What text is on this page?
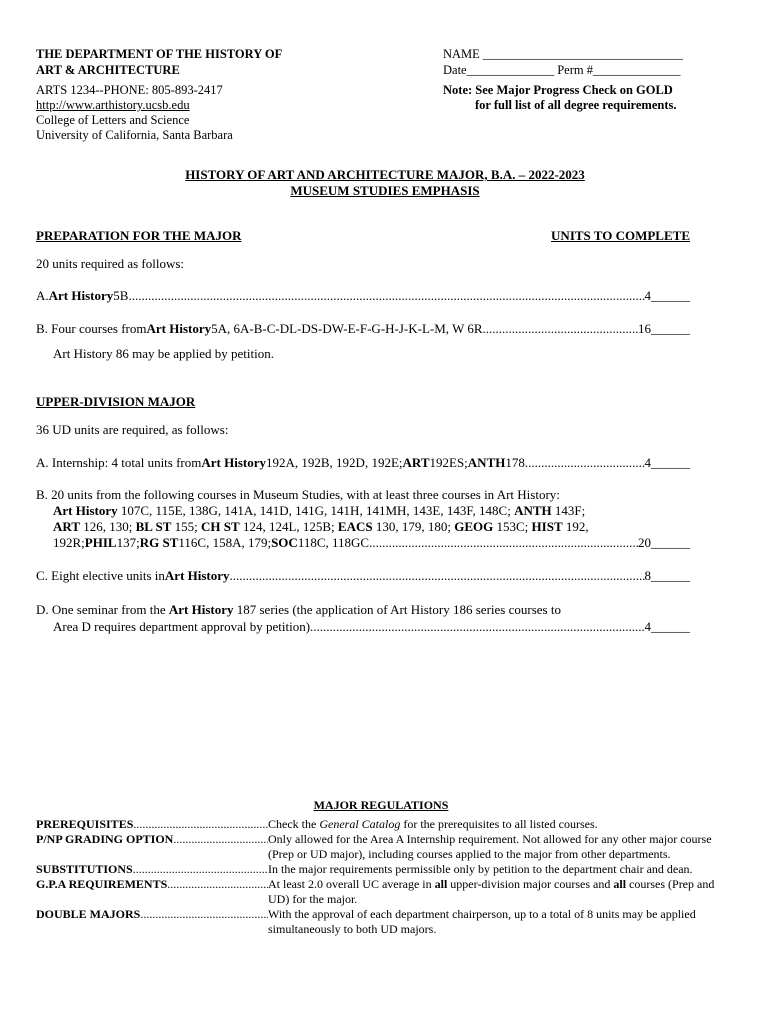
THE DEPARTMENT OF THE HISTORY OF
ART & ARCHITECTURE
ARTS 1234--PHONE: 805-893-2417
http://www.arthistory.ucsb.edu
College of Letters and Science
University of California, Santa Barbara
NAME ________________________________
Date______________ Perm #______________
Note: See Major Progress Check on GOLD
for full list of all degree requirements.
HISTORY OF ART AND ARCHITECTURE MAJOR, B.A. – 2022-2023
MUSEUM STUDIES EMPHASIS
PREPARATION FOR THE MAJOR	UNITS TO COMPLETE
20 units required as follows:
A. Art History 5B .....	4______
B. Four courses from Art History 5A, 6A-B-C-DL-DS-DW-E-F-G-H-J-K-L-M, W 6R .....	16______
Art History 86 may be applied by petition.
UPPER-DIVISION MAJOR
36 UD units are required, as follows:
A. Internship: 4 total units from Art History 192A, 192B, 192D, 192E; ART 192ES; ANTH 178 .....	4______
B. 20 units from the following courses in Museum Studies, with at least three courses in Art History:
Art History 107C, 115E, 138G, 141A, 141D, 141G, 141H, 141MH, 143E, 143F, 148C; ANTH 143F;
ART 126, 130; BL ST 155; CH ST 124, 124L, 125B; EACS 130, 179, 180; GEOG 153C; HIST 192,
192R; PHIL 137; RG ST 116C, 158A, 179; SOC 118C, 118GC .....	20______
C. Eight elective units in Art History .....	8______
D. One seminar from the Art History 187 series (the application of Art History 186 series courses to
Area D requires department approval by petition) .....	4______
MAJOR REGULATIONS
PREREQUISITES .....	Check the General Catalog for the prerequisites to all listed courses.
P/NP GRADING OPTION .....	Only allowed for the Area A Internship requirement. Not allowed for any other major course (Prep or UD major), including courses applied to the major from other departments.
SUBSTITUTIONS .....	In the major requirements permissible only by petition to the department chair and dean.
G.P.A REQUIREMENTS .....	At least 2.0 overall UC average in all upper-division major courses and all courses (Prep and UD) for the major.
DOUBLE MAJORS .....	With the approval of each department chairperson, up to a total of 8 units may be applied simultaneously to both UD majors.
